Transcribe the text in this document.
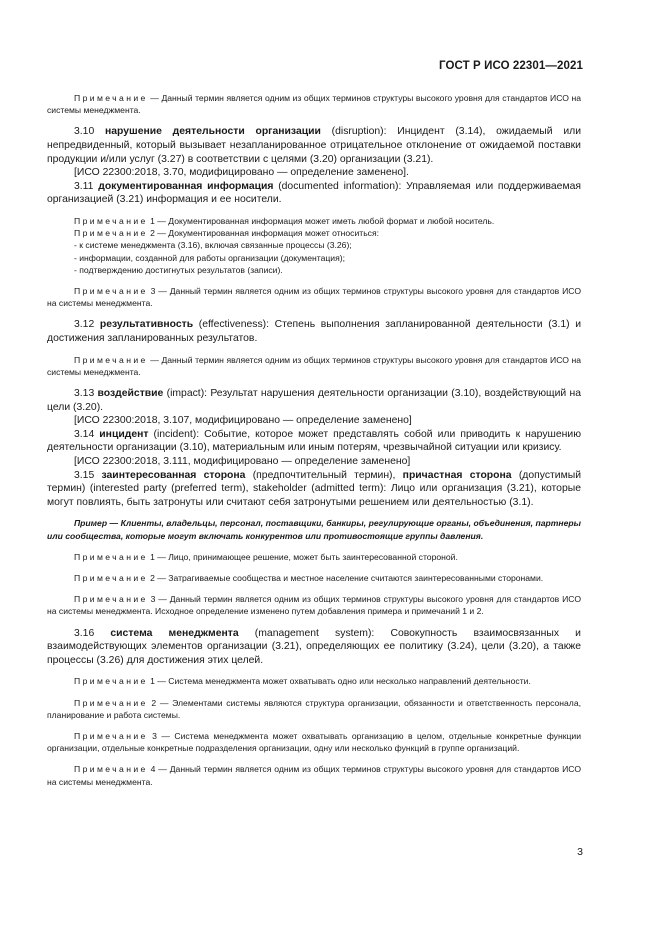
ГОСТ Р ИСО 22301—2021

Примечание — Данный термин является одним из общих терминов структуры высокого уровня для стандартов ИСО на системы менеджмента.

3.10 нарушение деятельности организации (disruption): Инцидент (3.14), ожидаемый или непредвиденный, который вызывает незапланированное отрицательное отклонение от ожидаемой поставки продукции и/или услуг (3.27) в соответствии с целями (3.20) организации (3.21).

[ИСО 22300:2018, 3.70, модифицировано — определение заменено].

3.11 документированная информация (documented information): Управляемая или поддерживаемая организацией (3.21) информация и ее носители.

Примечание 1 — Документированная информация может иметь любой формат и любой носитель.

Примечание 2 — Документированная информация может относиться:

- к системе менеджмента (3.16), включая связанные процессы (3.26);

- информации, созданной для работы организации (документация);

- подтверждению достигнутых результатов (записи).

Примечание 3 — Данный термин является одним из общих терминов структуры высокого уровня для стандартов ИСО на системы менеджмента.

3.12 результативность (effectiveness): Степень выполнения запланированной деятельности (3.1) и достижения запланированных результатов.

Примечание — Данный термин является одним из общих терминов структуры высокого уровня для стандартов ИСО на системы менеджмента.

3.13 воздействие (impact): Результат нарушения деятельности организации (3.10), воздействующий на цели (3.20).

[ИСО 22300:2018, 3.107, модифицировано — определение заменено]

3.14 инцидент (incident): Событие, которое может представлять собой или приводить к нарушению деятельности организации (3.10), материальным или иным потерям, чрезвычайной ситуации или кризису.

[ИСО 22300:2018, 3.111, модифицировано — определение заменено]

3.15 заинтересованная сторона (предпочтительный термин), причастная сторона (допустимый термин) (interested party (preferred term), stakeholder (admitted term): Лицо или организация (3.21), которые могут повлиять, быть затронуты или считают себя затронутыми решением или деятельностью (3.1).

Пример — Клиенты, владельцы, персонал, поставщики, банкиры, регулирующие органы, объединения, партнеры или сообщества, которые могут включать конкурентов или противостоящие группы давления.

Примечание 1 — Лицо, принимающее решение, может быть заинтересованной стороной.

Примечание 2 — Затрагиваемые сообщества и местное население считаются заинтересованными сторонами.

Примечание 3 — Данный термин является одним из общих терминов структуры высокого уровня для стандартов ИСО на системы менеджмента. Исходное определение изменено путем добавления примера и примечаний 1 и 2.

3.16 система менеджмента (management system): Совокупность взаимосвязанных и взаимодействующих элементов организации (3.21), определяющих ее политику (3.24), цели (3.20), а также процессы (3.26) для достижения этих целей.

Примечание 1 — Система менеджмента может охватывать одно или несколько направлений деятельности.

Примечание 2 — Элементами системы являются структура организации, обязанности и ответственность персонала, планирование и работа системы.

Примечание 3 — Система менеджмента может охватывать организацию в целом, отдельные конкретные функции организации, отдельные конкретные подразделения организации, одну или несколько функций в группе организаций.

Примечание 4 — Данный термин является одним из общих терминов структуры высокого уровня для стандартов ИСО на системы менеджмента.

3
